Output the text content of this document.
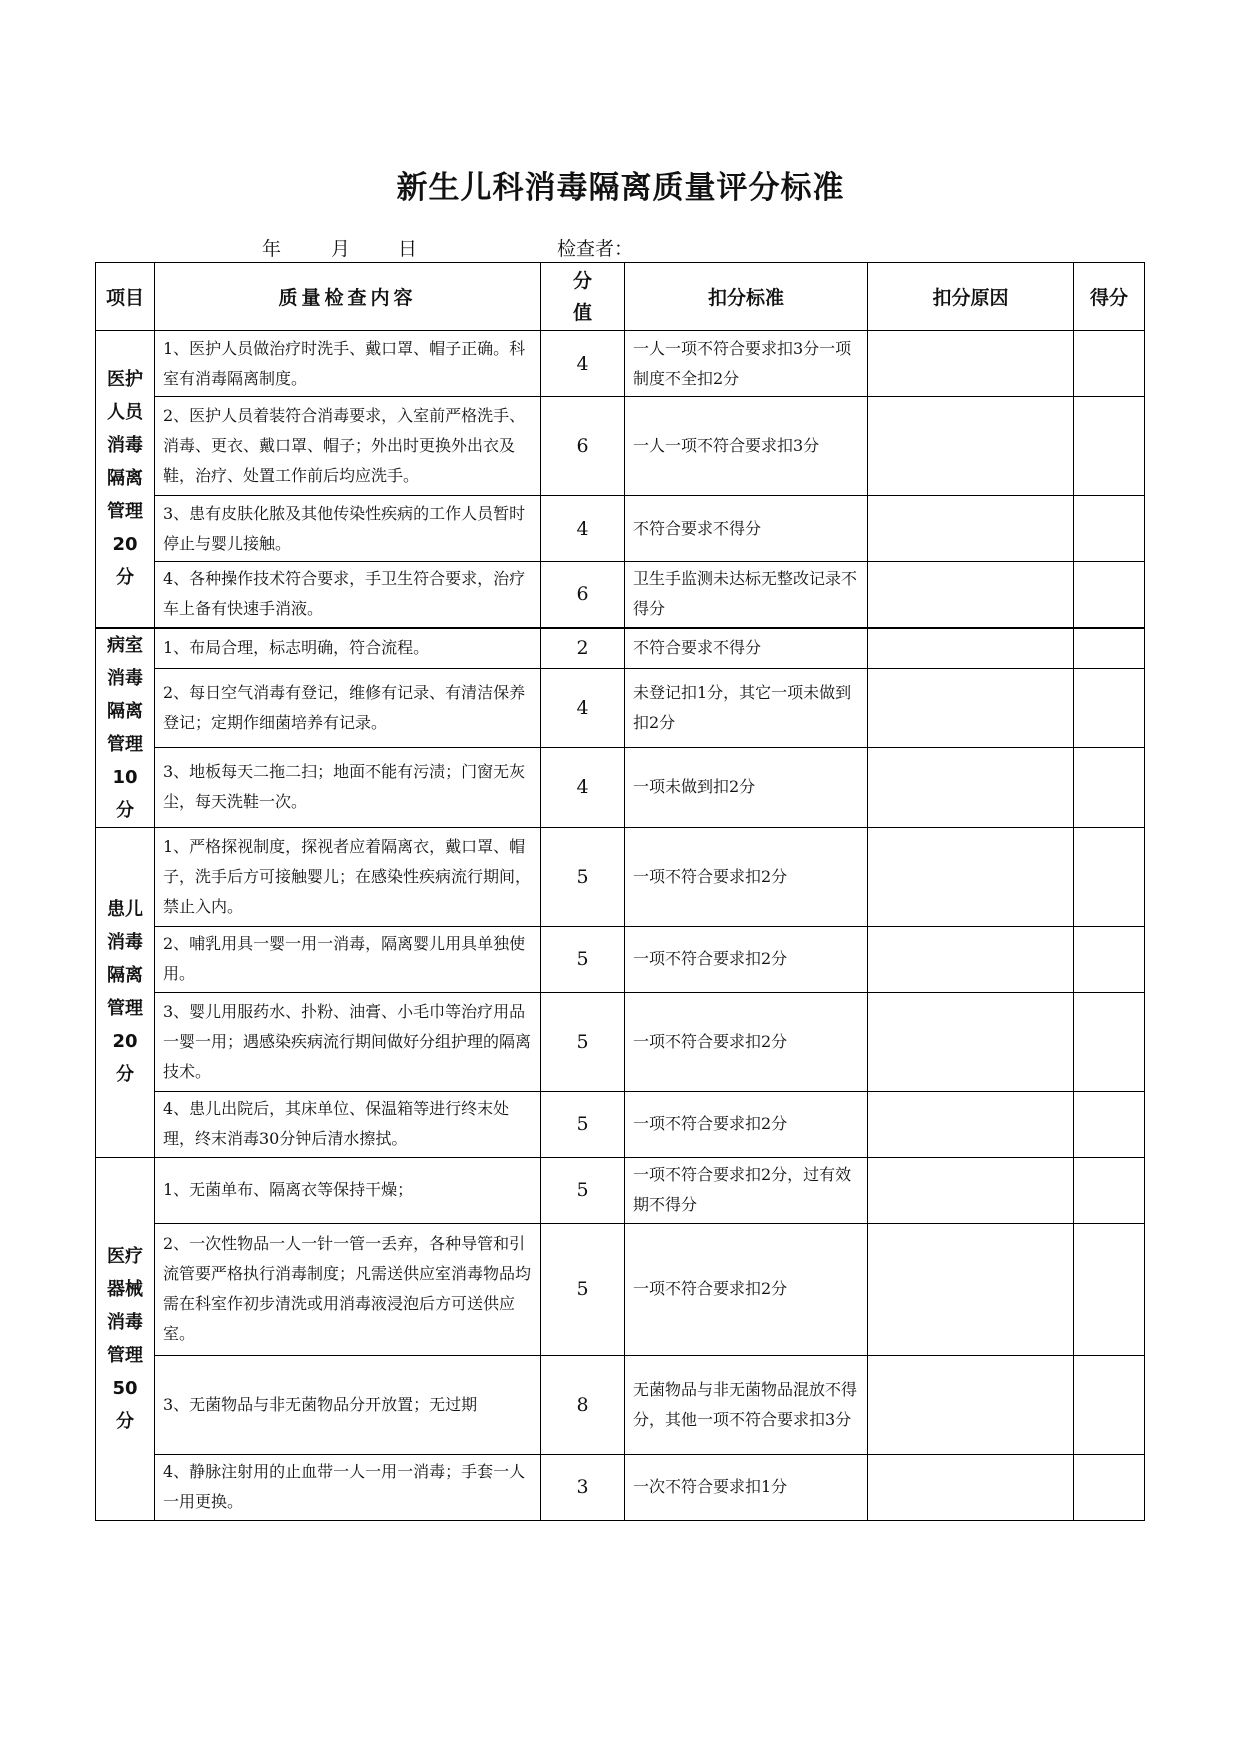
新生儿科消毒隔离质量评分标准
年	月	日	检查者：
项目	质量检查内容	分值	扣分标准	扣分原因	得分

医护人员消毒隔离管理20分	1、医护人员做治疗时洗手、戴口罩、帽子正确。科室有消毒隔离制度。	4	一人一项不符合要求扣3分一项制度不全扣2分		
	2、医护人员着装符合消毒要求，入室前严格洗手、消毒、更衣、戴口罩、帽子；外出时更换外出衣及鞋，治疗、处置工作前后均应洗手。	6	一人一项不符合要求扣3分		
	3、患有皮肤化脓及其他传染性疾病的工作人员暂时停止与婴儿接触。	4	不符合要求不得分		
	4、各种操作技术符合要求，手卫生符合要求，治疗车上备有快速手消液。	6	卫生手监测未达标无整改记录不得分		

病室消毒隔离管理10分	1、布局合理，标志明确，符合流程。	2	不符合要求不得分		
	2、每日空气消毒有登记，维修有记录、有清洁保养登记；定期作细菌培养有记录。	4	未登记扣1分，其它一项未做到扣2分		
	3、地板每天二拖二扫；地面不能有污渍；门窗无灰尘，每天洗鞋一次。	4	一项未做到扣2分		

患儿消毒隔离管理20分	1、严格探视制度，探视者应着隔离衣，戴口罩、帽子，洗手后方可接触婴儿；在感染性疾病流行期间，禁止入内。	5	一项不符合要求扣2分		
	2、哺乳用具一婴一用一消毒，隔离婴儿用具单独使用。	5	一项不符合要求扣2分		
	3、婴儿用服药水、扑粉、油膏、小毛巾等治疗用品一婴一用；遇感染疾病流行期间做好分组护理的隔离技术。	5	一项不符合要求扣2分		
	4、患儿出院后，其床单位、保温箱等进行终末处理，终末消毒30分钟后清水擦拭。	5	一项不符合要求扣2分		

医疗器械消毒管理50分	1、无菌单布、隔离衣等保持干燥；	5	一项不符合要求扣2分，过有效期不得分		
	2、一次性物品一人一针一管一丢弃，各种导管和引流管要严格执行消毒制度；凡需送供应室消毒物品均需在科室作初步清洗或用消毒液浸泡后方可送供应室。	5	一项不符合要求扣2分		
	3、无菌物品与非无菌物品分开放置；无过期	8	无菌物品与非无菌物品混放不得分，其他一项不符合要求扣3分		
	4、静脉注射用的止血带一人一用一消毒；手套一人一用更换。	3	一次不符合要求扣1分		
